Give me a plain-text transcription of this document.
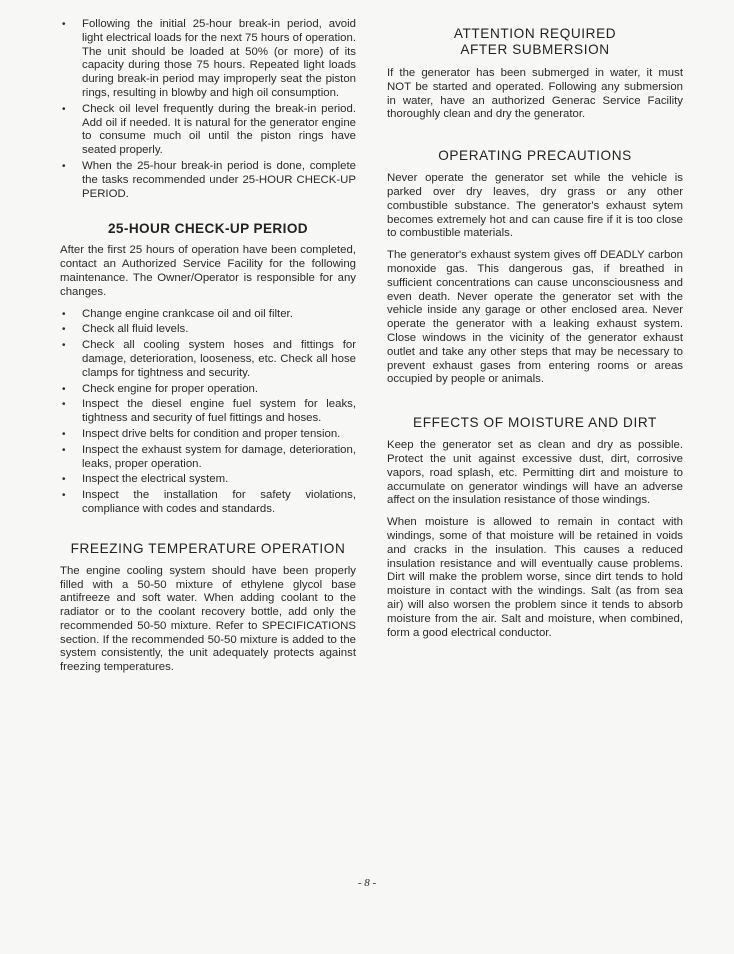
• Following the initial 25-hour break-in period, avoid light electrical loads for the next 75 hours of operation. The unit should be loaded at 50% (or more) of its capacity during those 75 hours. Repeated light loads during break-in period may improperly seat the piston rings, resulting in blowby and high oil consumption.
• Check oil level frequently during the break-in period. Add oil if needed. It is natural for the generator engine to consume much oil until the piston rings have seated properly.
• When the 25-hour break-in period is done, complete the tasks recommended under 25-HOUR CHECK-UP PERIOD.
25-HOUR CHECK-UP PERIOD

After the first 25 hours of operation have been completed, contact an Authorized Service Facility for the following maintenance. The Owner/Operator is responsible for any changes.

• Change engine crankcase oil and oil filter.
• Check all fluid levels.
• Check all cooling system hoses and fittings for damage, deterioration, looseness, etc. Check all hose clamps for tightness and security.
• Check engine for proper operation.
• Inspect the diesel engine fuel system for leaks, tightness and security of fuel fittings and hoses.
• Inspect drive belts for condition and proper tension.
• Inspect the exhaust system for damage, deterioration, leaks, proper operation.
• Inspect the electrical system.
• Inspect the installation for safety violations, compliance with codes and standards.
FREEZING TEMPERATURE OPERATION

The engine cooling system should have been properly filled with a 50-50 mixture of ethylene glycol base antifreeze and soft water. When adding coolant to the radiator or to the coolant recovery bottle, add only the recommended 50-50 mixture. Refer to SPECIFICATIONS section. If the recommended 50-50 mixture is added to the system consistently, the unit adequately protects against freezing temperatures.

ATTENTION REQUIRED AFTER SUBMERSION

If the generator has been submerged in water, it must NOT be started and operated. Following any submersion in water, have an authorized Generac Service Facility thoroughly clean and dry the generator.

OPERATING PRECAUTIONS

Never operate the generator set while the vehicle is parked over dry leaves, dry grass or any other combustible substance. The generator's exhaust sytem becomes extremely hot and can cause fire if it is too close to combustible materials.

The generator's exhaust system gives off DEADLY carbon monoxide gas. This dangerous gas, if breathed in sufficient concentrations can cause unconsciousness and even death. Never operate the generator set with the vehicle inside any garage or other enclosed area. Never operate the generator with a leaking exhaust system. Close windows in the vicinity of the generator exhaust outlet and take any other steps that may be necessary to prevent exhaust gases from entering rooms or areas occupied by people or animals.

EFFECTS OF MOISTURE AND DIRT

Keep the generator set as clean and dry as possible. Protect the unit against excessive dust, dirt, corrosive vapors, road splash, etc. Permitting dirt and moisture to accumulate on generator windings will have an adverse affect on the insulation resistance of those windings.

When moisture is allowed to remain in contact with windings, some of that moisture will be retained in voids and cracks in the insulation. This causes a reduced insulation resistance and will eventually cause problems. Dirt will make the problem worse, since dirt tends to hold moisture in contact with the windings. Salt (as from sea air) will also worsen the problem since it tends to absorb moisture from the air. Salt and moisture, when combined, form a good electrical conductor.

- 8 -
